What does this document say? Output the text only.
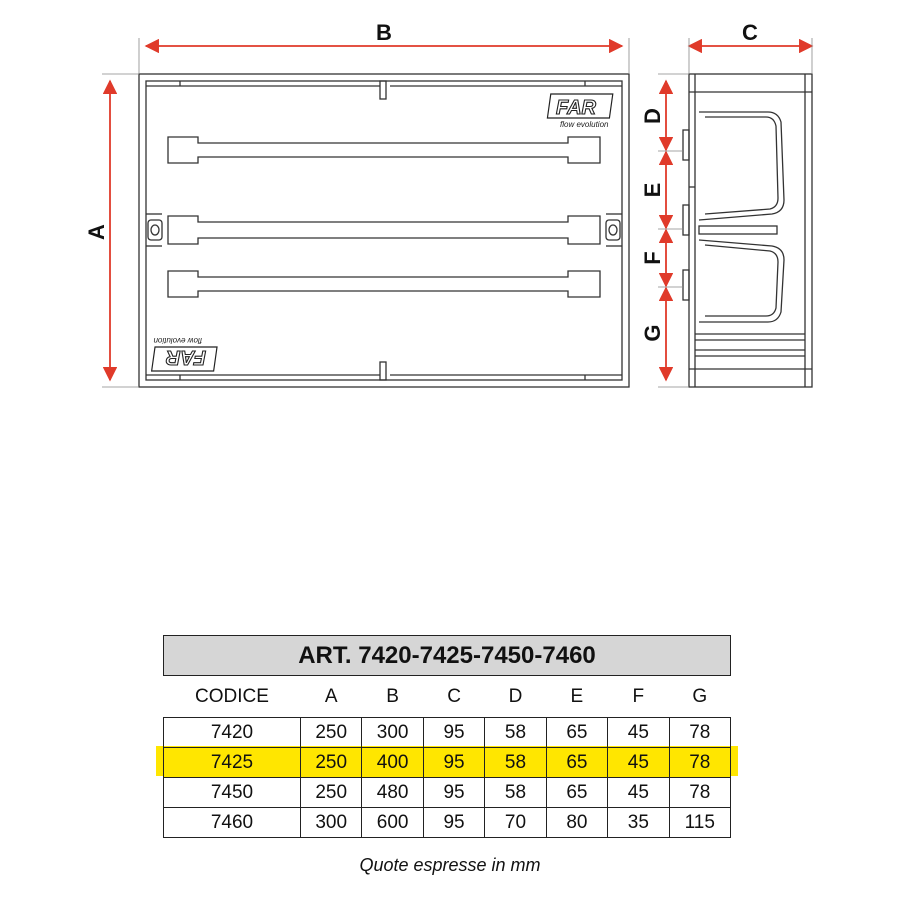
FAR
flow evolution
FAR
flow evolution
B	C
A
D
E
F
G
ART. 7420-7425-7450-7460
CODICE	A	B	C	D	E	F	G
7420	250	300	95	58	65	45	78
7425	250	400	95	58	65	45	78
7450	250	480	95	58	65	45	78
7460	300	600	95	70	80	35	115
Quote espresse in mm
